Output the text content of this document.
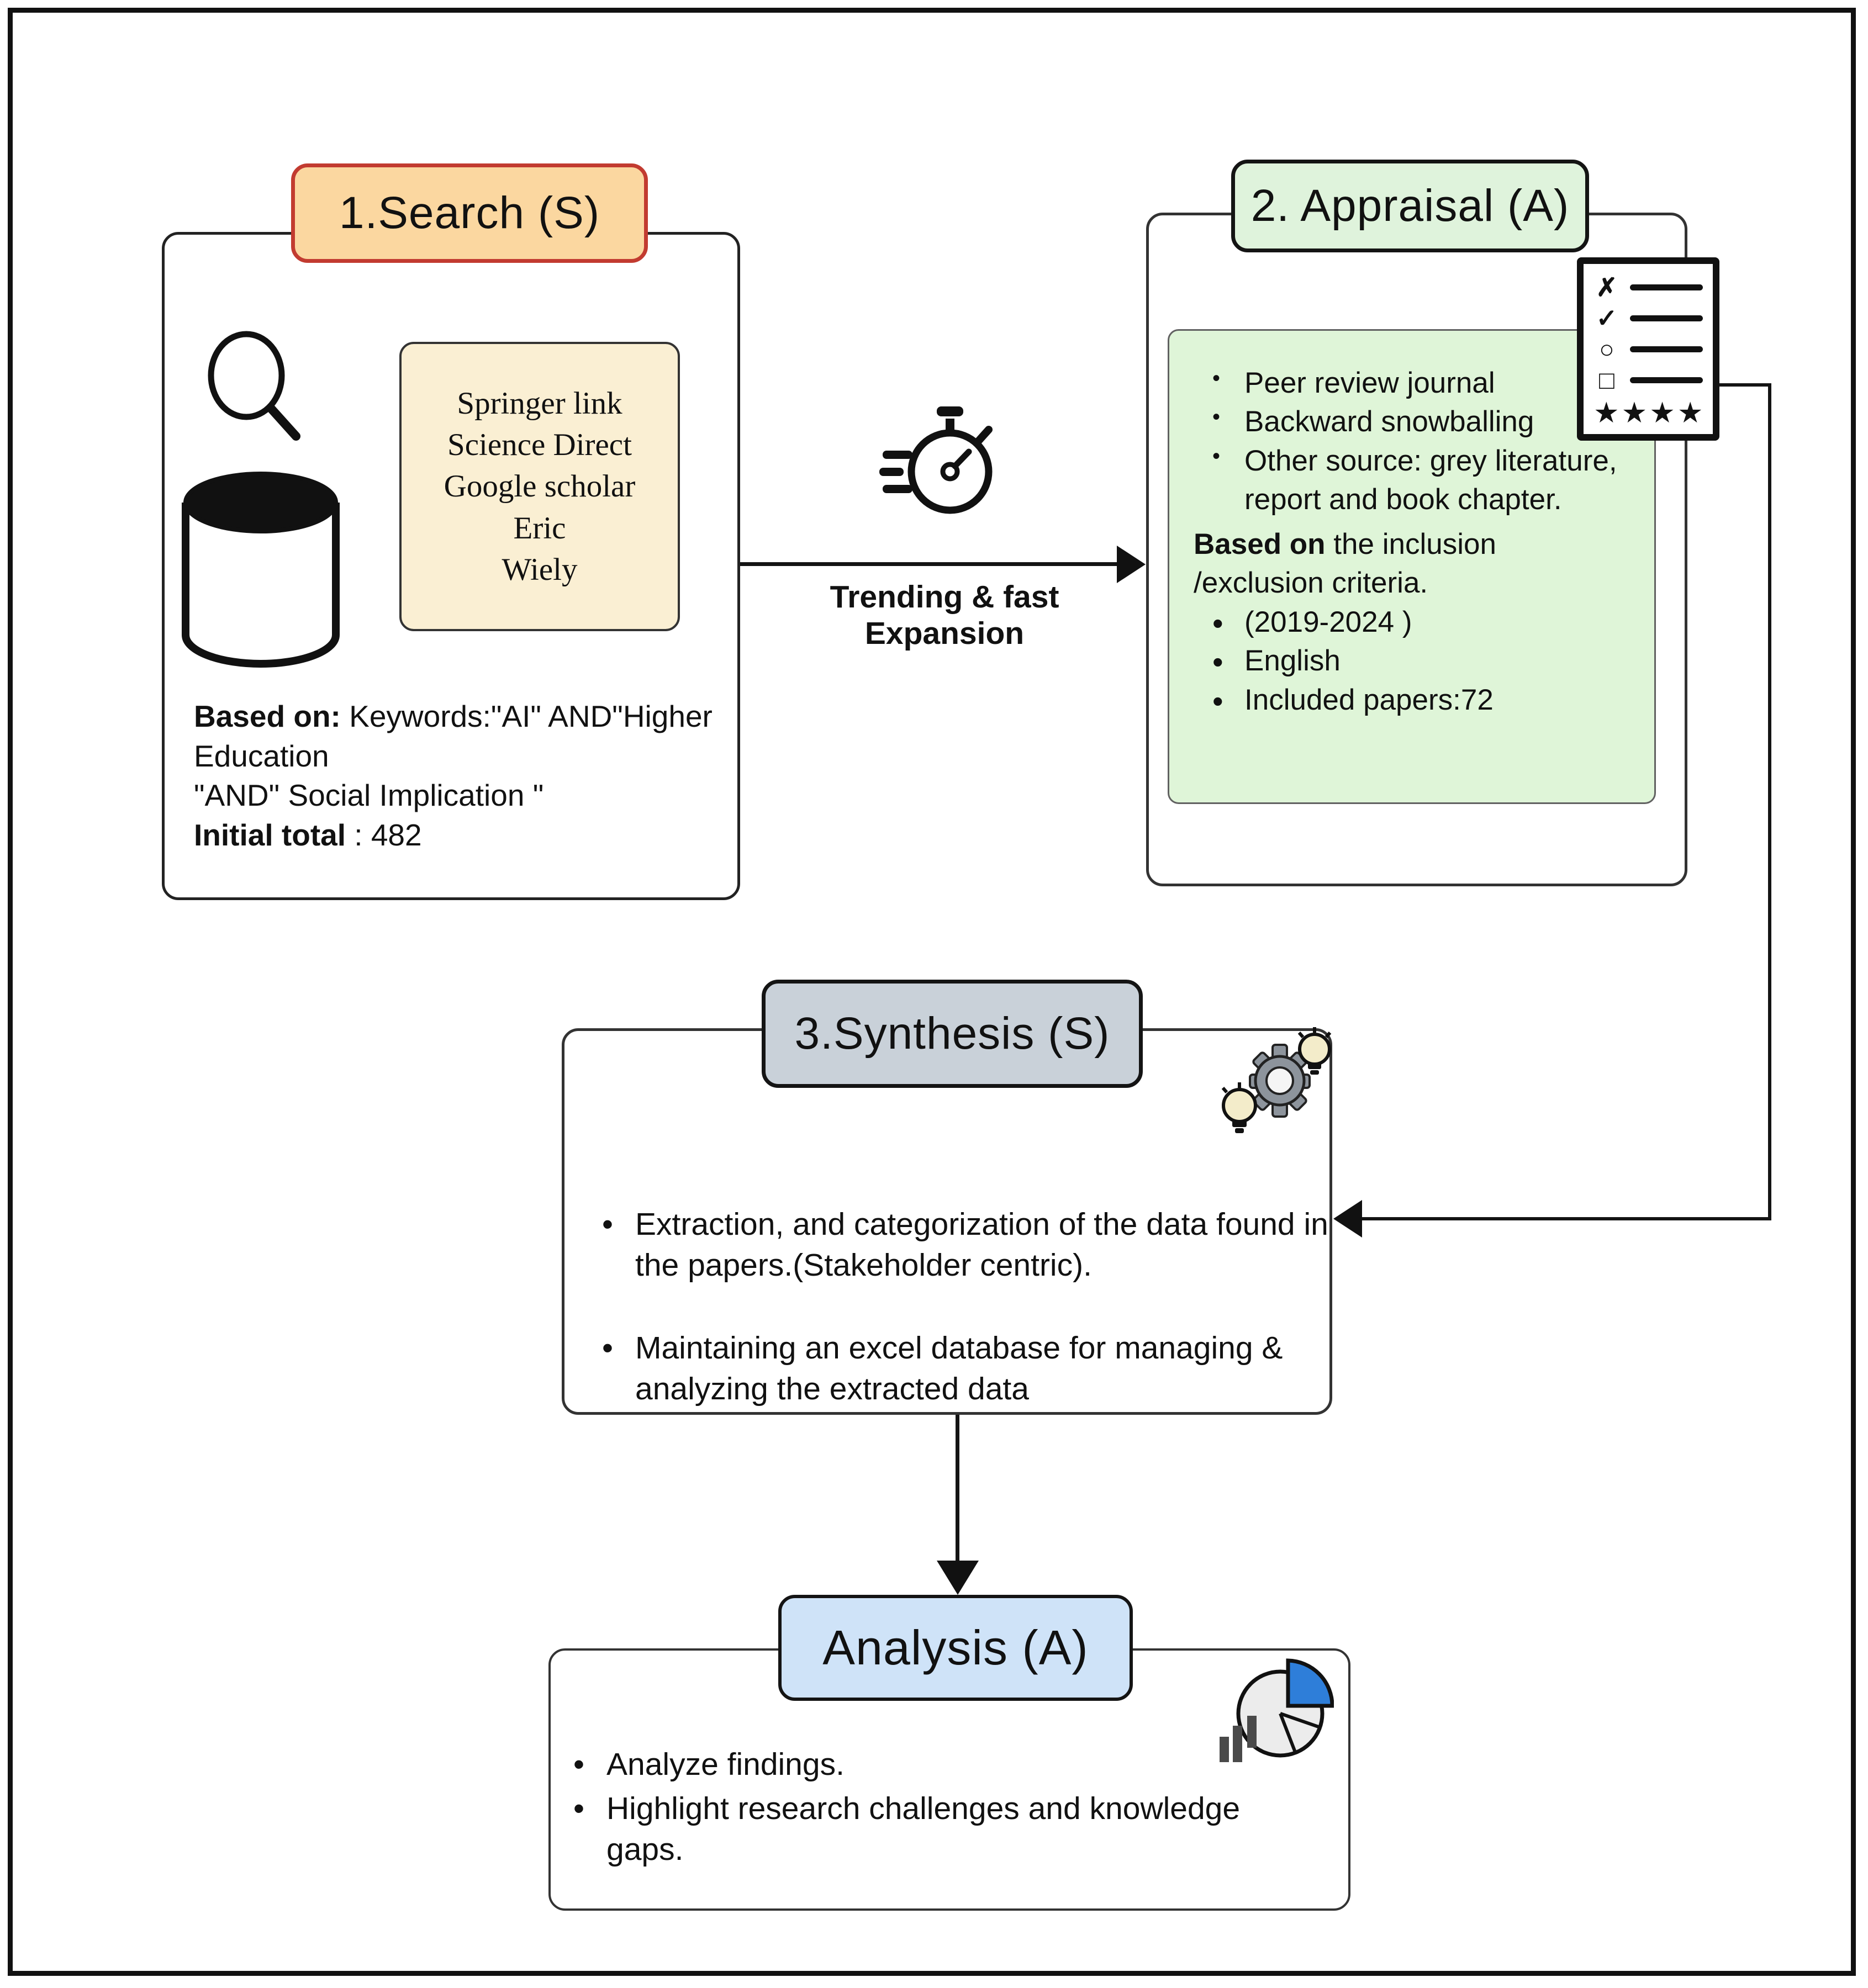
1.Search (S)
Springer link
Science Direct
Google scholar
Eric
Wiely
Based on: Keywords:"AI" AND"Higher
Education
"AND" Social Implication "
Initial total : 482
Trending & fast Expansion
2. Appraisal (A)
• Peer review journal
• Backward snowballing
• Other source: grey literature, report and book chapter.
Based on the inclusion
/exclusion criteria.
• (2019-2024 )
• English
• Included papers:72
✗
✓
○
□
★★★★
3.Synthesis (S)
• Extraction, and categorization of the data found in the papers.(Stakeholder centric).
• Maintaining an excel database for managing & analyzing the extracted data
Analysis (A)
• Analyze findings.
• Highlight research challenges and knowledge gaps.
